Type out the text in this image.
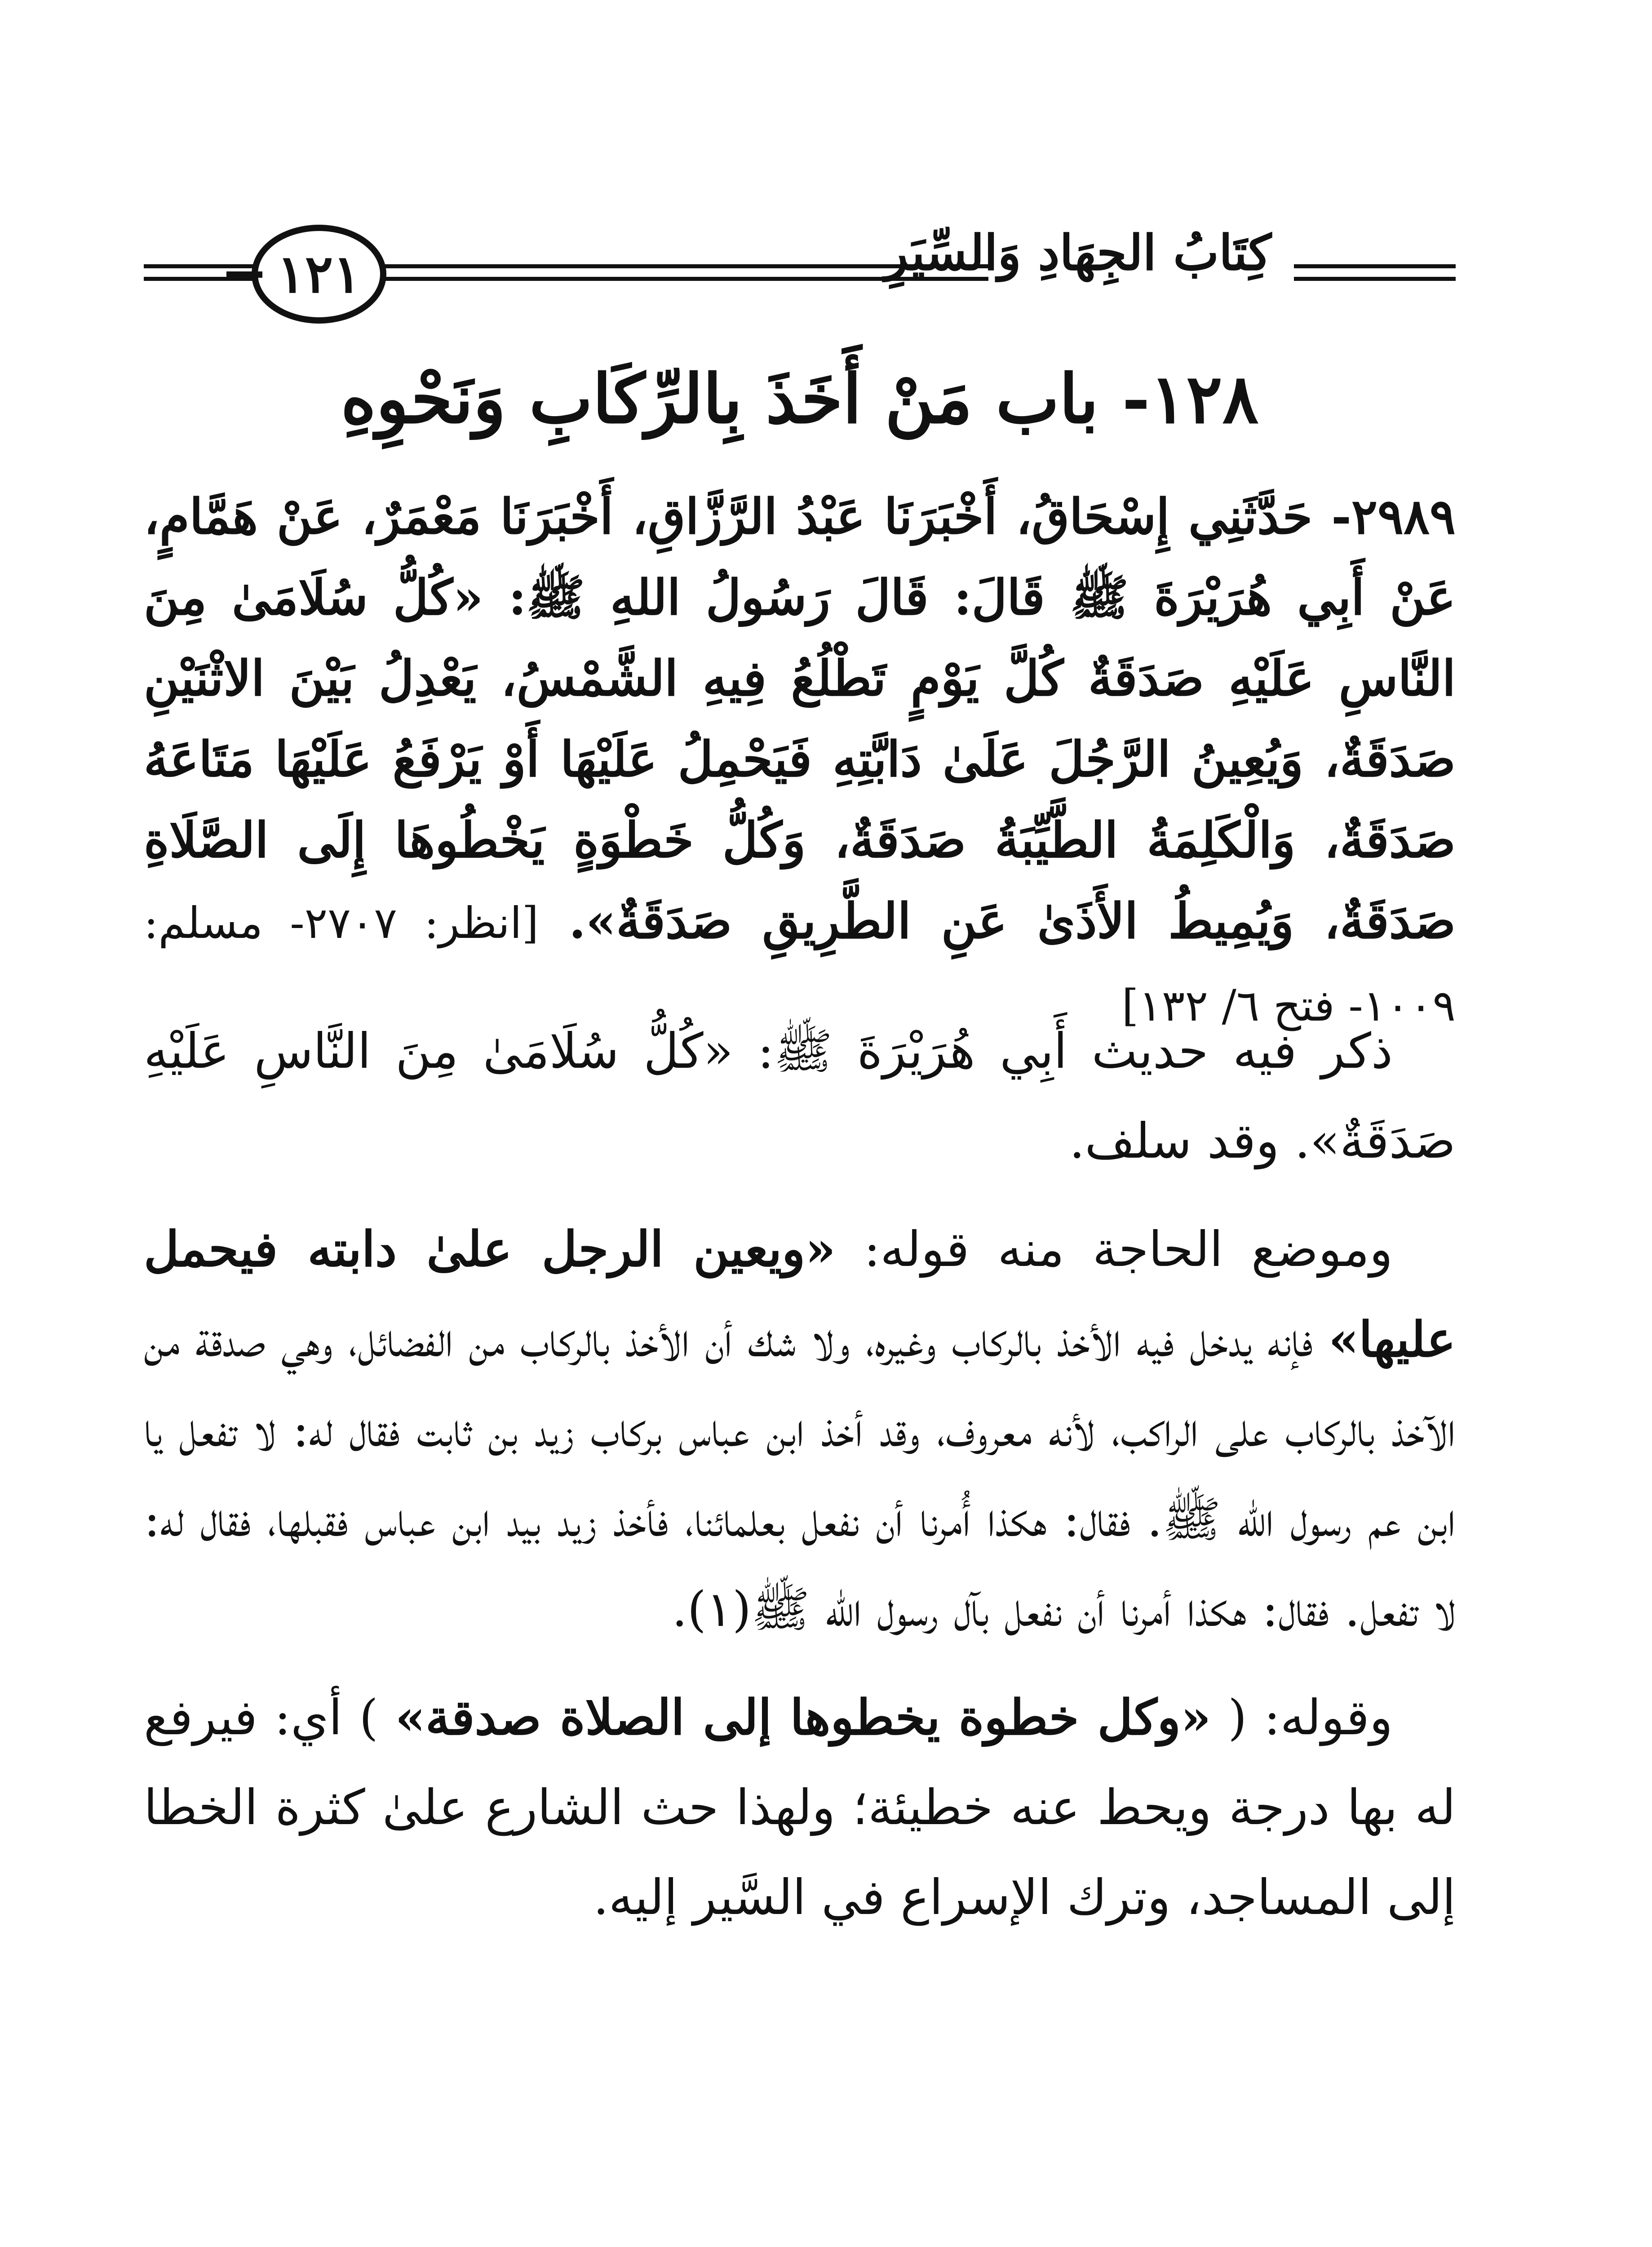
كِتَابُ الجِهَادِ وَالسِّيَرِ
١٢١
١٢٨- باب مَنْ أَخَذَ بِالرِّكَابِ وَنَحْوِهِ
٢٩٨٩- حَدَّثَنِي إِسْحَاقُ، أَخْبَرَنَا عَبْدُ الرَّزَّاقِ، أَخْبَرَنَا مَعْمَرٌ، عَنْ هَمَّامٍ، عَنْ أَبِي هُرَيْرَةَ ﷺ قَالَ: قَالَ رَسُولُ اللهِ ﷺ: «كُلُّ سُلَامَىٰ مِنَ النَّاسِ عَلَيْهِ صَدَقَةٌ كُلَّ يَوْمٍ تَطْلُعُ فِيهِ الشَّمْسُ، يَعْدِلُ بَيْنَ الاثْنَيْنِ صَدَقَةٌ، وَيُعِينُ الرَّجُلَ عَلَىٰ دَابَّتِهِ فَيَحْمِلُ عَلَيْهَا أَوْ يَرْفَعُ عَلَيْهَا مَتَاعَهُ صَدَقَةٌ، وَالْكَلِمَةُ الطَّيِّبَةُ صَدَقَةٌ، وَكُلُّ خَطْوَةٍ يَخْطُوهَا إِلَى الصَّلَاةِ صَدَقَةٌ، وَيُمِيطُ الأَذَىٰ عَنِ الطَّرِيقِ صَدَقَةٌ». [انظر: ٢٧٠٧- مسلم: ١٠٠٩- فتح ٦/ ١٣٢]

ذكر فيه حديث أَبِي هُرَيْرَةَ ﷺ: «كُلُّ سُلَامَىٰ مِنَ النَّاسِ عَلَيْهِ صَدَقَةٌ». وقد سلف.

وموضع الحاجة منه قوله: «ويعين الرجل علىٰ دابته فيحمل عليها» فإنه يدخل فيه الأخذ بالركاب وغيره، ولا شك أن الأخذ بالركاب من الفضائل، وهي صدقة من الآخذ بالركاب على الراكب، لأنه معروف، وقد أخذ ابن عباس بركاب زيد بن ثابت فقال له: لا تفعل يا ابن عم رسول الله ﷺ. فقال: هكذا أُمرنا أن نفعل بعلمائنا، فأخذ زيد بيد ابن عباس فقبلها، فقال له: لا تفعل. فقال: هكذا أمرنا أن نفعل بآل رسول الله ﷺ(١).

وقوله: ( «وكل خطوة يخطوها إلى الصلاة صدقة» ) أي: فيرفع له بها درجة ويحط عنه خطيئة؛ ولهذا حث الشارع علىٰ كثرة الخطا إلى المساجد، وترك الإسراع في السَّير إليه.
